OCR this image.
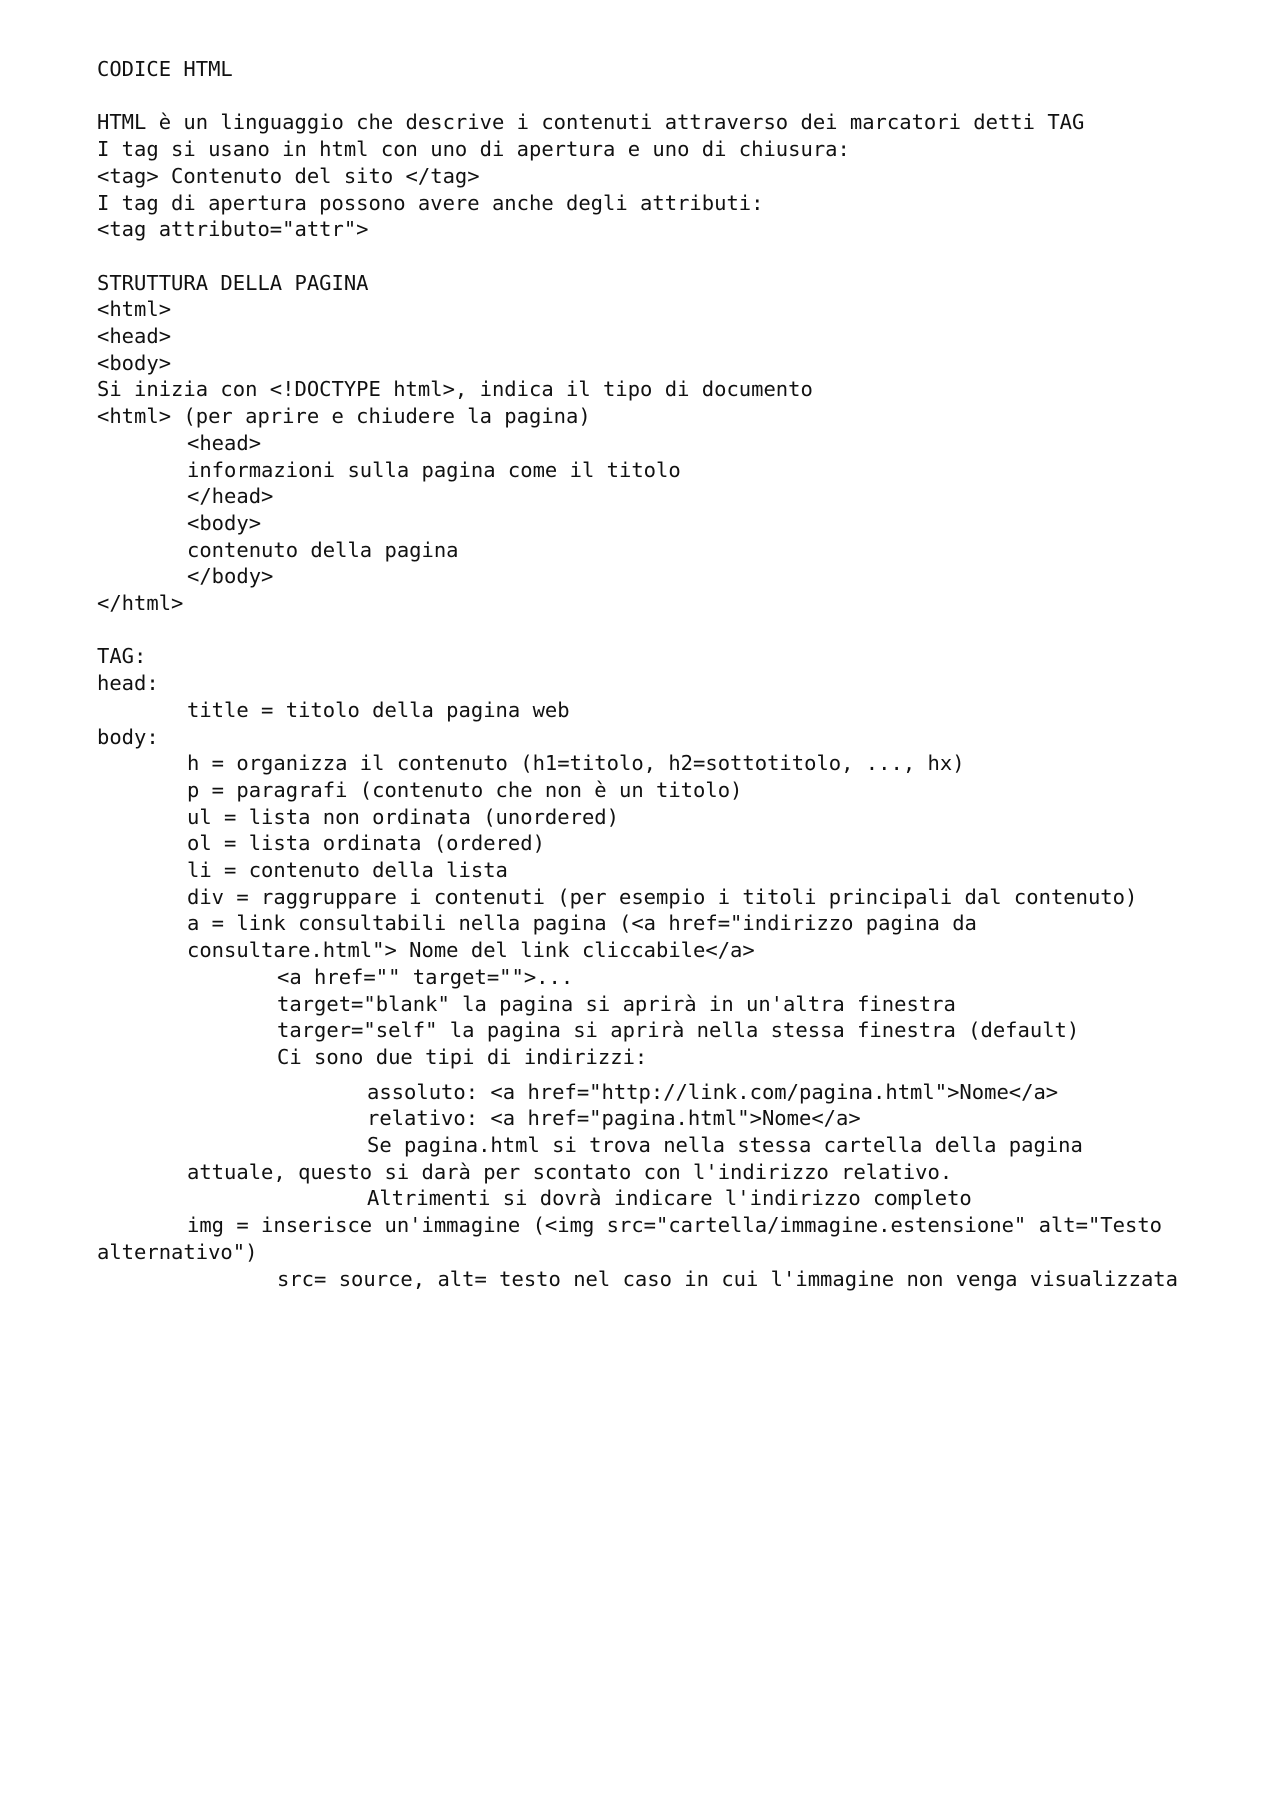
CODICE HTML
HTML è un linguaggio che descrive i contenuti attraverso dei marcatori detti TAG
I tag si usano in html con uno di apertura e uno di chiusura:
<tag> Contenuto del sito </tag>
I tag di apertura possono avere anche degli attributi:
<tag attributo="attr">
STRUTTURA DELLA PAGINA
<html>
<head>
<body>
Si inizia con <!DOCTYPE html>, indica il tipo di documento
<html> (per aprire e chiudere la pagina)
<head>
informazioni sulla pagina come il titolo
</head>
<body>
contenuto della pagina
</body>
</html>
TAG:
head:
title = titolo della pagina web
body:
h = organizza il contenuto (h1=titolo, h2=sottotitolo, ..., hx)
p = paragrafi (contenuto che non è un titolo)
ul = lista non ordinata (unordered)
ol = lista ordinata (ordered)
li = contenuto della lista
div = raggruppare i contenuti (per esempio i titoli principali dal contenuto)
a = link consultabili nella pagina (<a href="indirizzo pagina da
consultare.html"> Nome del link cliccabile</a>
<a href="" target="">...
target="blank" la pagina si aprirà in un'altra finestra
targer="self" la pagina si aprirà nella stessa finestra (default)
Ci sono due tipi di indirizzi:
assoluto: <a href="http://link.com/pagina.html">Nome</a>
relativo: <a href="pagina.html">Nome</a>
Se pagina.html si trova nella stessa cartella della pagina
attuale, questo si darà per scontato con l'indirizzo relativo.
Altrimenti si dovrà indicare l'indirizzo completo
img = inserisce un'immagine (<img src="cartella/immagine.estensione" alt="Testo
alternativo")
src= source, alt= testo nel caso in cui l'immagine non venga visualizzata
